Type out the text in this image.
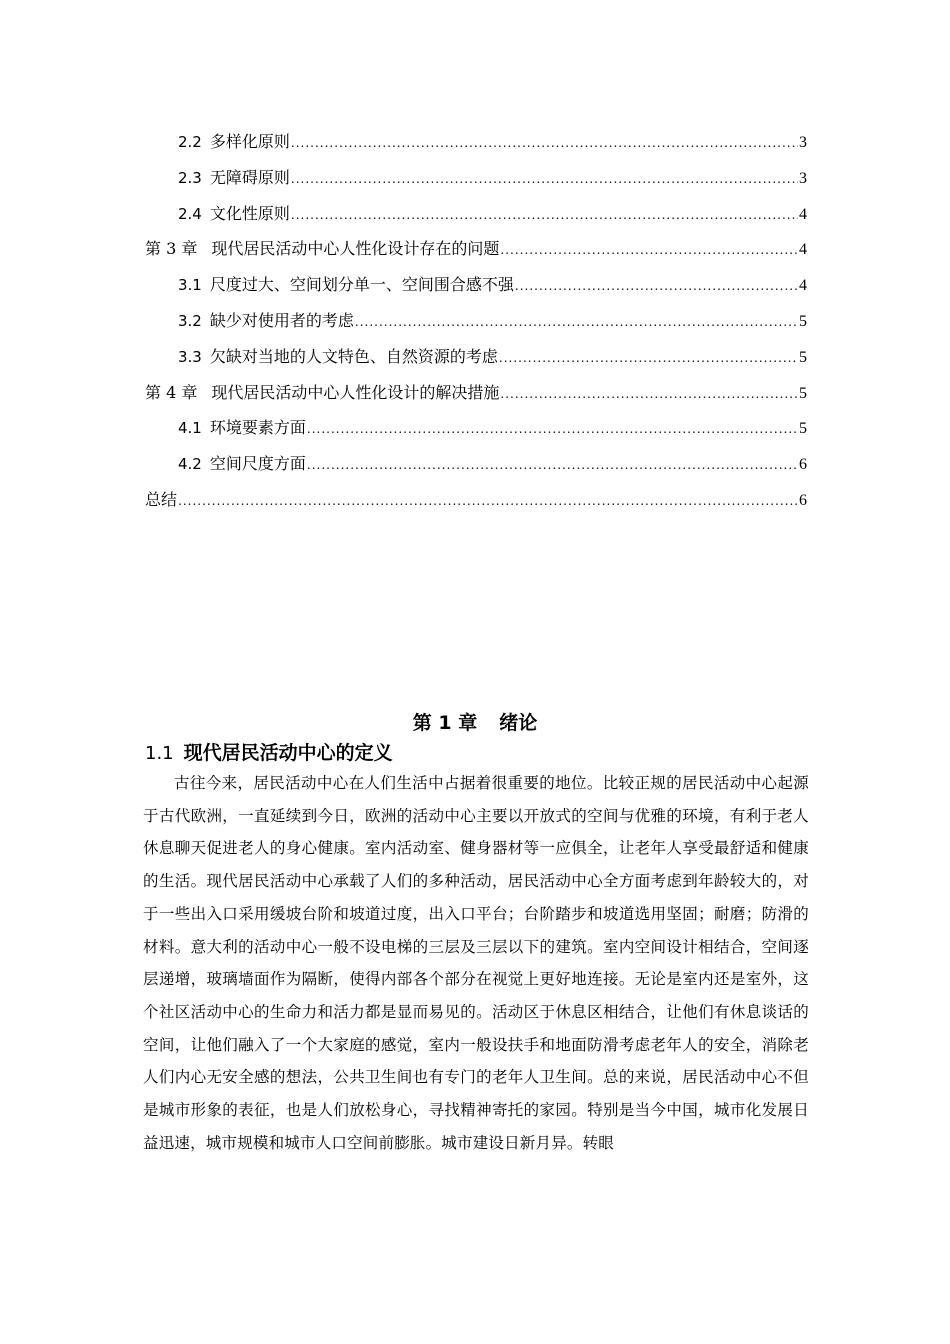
2.2 多样化原则 .....	3
2.3 无障碍原则 .....	3
2.4 文化性原则 .....	4
第 3 章 现代居民活动中心人性化设计存在的问题 .....	4
3.1 尺度过大、空间划分单一、空间围合感不强 .....	4
3.2 缺少对使用者的考虑 .....	5
3.3 欠缺对当地的人文特色、自然资源的考虑 .....	5
第 4 章 现代居民活动中心人性化设计的解决措施 .....	5
4.1 环境要素方面 .....	5
4.2 空间尺度方面 .....	6
总结 .....	6
第 1 章 绪论
1.1 现代居民活动中心的定义

古往今来，居民活动中心在人们生活中占据着很重要的地位。比较正规的居民活动中心起源于古代欧洲，一直延续到今日，欧洲的活动中心主要以开放式的空间与优雅的环境，有利于老人休息聊天促进老人的身心健康。室内活动室、健身器材等一应俱全，让老年人享受最舒适和健康的生活。现代居民活动中心承载了人们的多种活动，居民活动中心全方面考虑到年龄较大的，对于一些出入口采用缓坡台阶和坡道过度，出入口平台；台阶踏步和坡道选用坚固；耐磨；防滑的材料。意大利的活动中心一般不设电梯的三层及三层以下的建筑。室内空间设计相结合，空间逐层递增，玻璃墙面作为隔断，使得内部各个部分在视觉上更好地连接。无论是室内还是室外，这个社区活动中心的生命力和活力都是显而易见的。活动区于休息区相结合，让他们有休息谈话的空间，让他们融入了一个大家庭的感觉，室内一般设扶手和地面防滑考虑老年人的安全，消除老人们内心无安全感的想法，公共卫生间也有专门的老年人卫生间。总的来说，居民活动中心不但是城市形象的表征，也是人们放松身心，寻找精神寄托的家园。特别是当今中国，城市化发展日益迅速，城市规模和城市人口空间前膨胀。城市建设日新月异。转眼
